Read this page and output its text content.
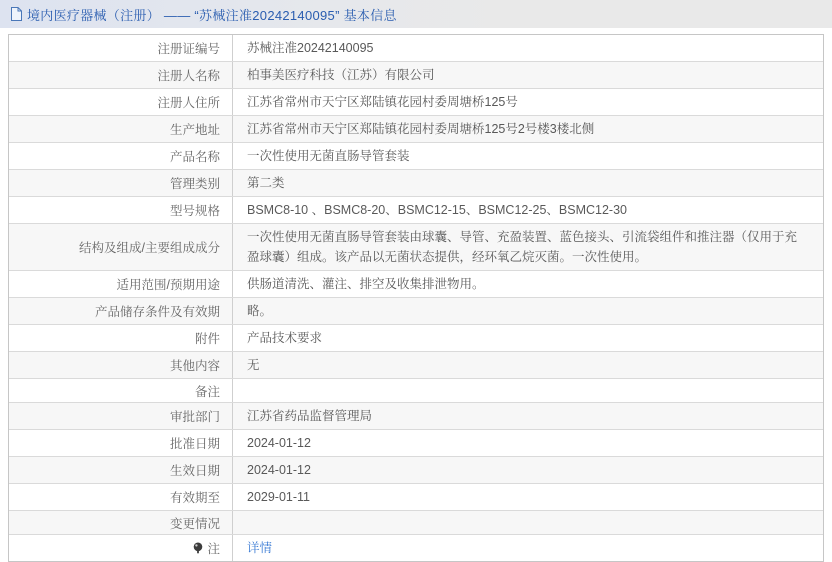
境内医疗器械（注册） —— “苏械注准20242140095” 基本信息
注册证编号 苏械注准20242140095
注册人名称 柏事美医疗科技（江苏）有限公司
注册人住所 江苏省常州市天宁区郑陆镇花园村委周塘桥125号
生产地址 江苏省常州市天宁区郑陆镇花园村委周塘桥125号2号楼3楼北侧
产品名称 一次性使用无菌直肠导管套装
管理类别 第二类
型号规格 BSMC8-10 、BSMC8-20、BSMC12-15、BSMC12-25、BSMC12-30
结构及组成/主要组成成分
一次性使用无菌直肠导管套装由球囊、导管、充盈装置、蓝色接头、引流袋组件和推注器（仅用于充盈球囊）组成。该产品以无菌状态提供，经环氧乙烷灭菌。一次性使用。
适用范围/预期用途 供肠道清洗、灌注、排空及收集排泄物用。
产品储存条件及有效期 略。
附件 产品技术要求
其他内容 无
备注
审批部门 江苏省药品监督管理局
批准日期 2024-01-12
生效日期 2024-01-12
有效期至 2029-01-11
变更情况
注 详情
